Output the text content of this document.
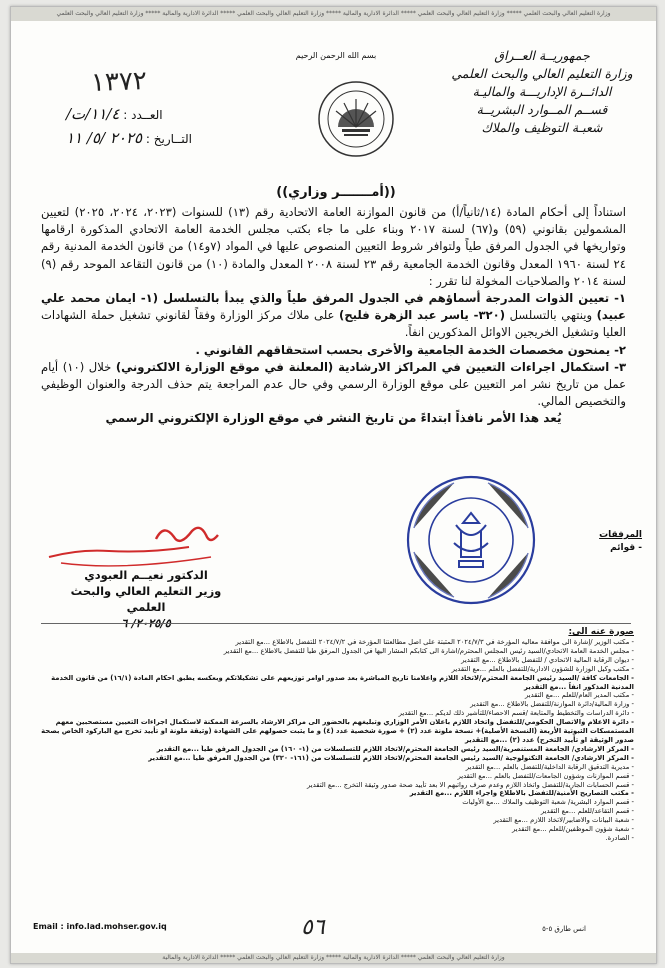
وزارة التعليم العالي والبحث العلمي ***** وزارة التعليم العالي والبحث العلمي ***** الدائرة الادارية والمالية ***** وزارة التعليم العالي والبحث العلمي ***** الدائرة الادارية والمالية ***** وزارة التعليم العالي والبحث العلمي
جمهوريــة العــراق
وزارة التعليم العالي والبحث العلمي
الدائــرة الإداريـــة والماليـة
قســم المــوارد البشريــة
شعبـة التوظيف والملاك
بسم الله الرحمن الرحيم
١٣٧٢
العــدد : ١١/٤/ت/
التــاريخ : ٢٠٢٥ /٥/ ١١
((أمـــــــر وزاري))

استناداً إلى أحكام المادة (١٤/ثانياً/أ) من قانون الموازنة العامة الاتحادية رقم (١٣) للسنوات (٢٠٢٣، ٢٠٢٤، ٢٠٢٥) لتعيين المشمولين بقانوني (٥٩) و(٦٧) لسنة ٢٠١٧ وبناء على ما جاء بكتب مجلس الخدمة العامة الاتحادي المذكورة ارقامها وتواريخها في الجدول المرفق طياً ولتوافر شروط التعيين المنصوص عليها في المواد (٧و١٤) من قانون الخدمة المدنية رقم ٢٤ لسنة ١٩٦٠ المعدل وقانون الخدمة الجامعية رقم ٢٣ لسنة ٢٠٠٨ المعدل والمادة (١٠) من قانون التقاعد الموحد رقم (٩) لسنة ٢٠١٤ والصلاحيات المخولة لنا تقرر :

١- تعيين الذوات المدرجة أسماؤهم في الجدول المرفق طياً والذي يبدأ بالتسلسل (١- ايمان محمد علي عبيد) وينتهي بالتسلسل (٣٢٠- ياسر عبد الزهرة فليح) على ملاك مركز الوزارة وفقاً لقانوني تشغيل حملة الشهادات العليا وتشغيل الخريجين الاوائل المذكورين انفاً.

٢- يمنحون مخصصات الخدمة الجامعية والأخرى بحسب استحقاقهم القانوني .

٣- استكمال اجراءات التعيين في المراكز الارشادية (المعلنة في موقع الوزارة الالكتروني) خلال (١٠) أيام عمل من تاريخ نشر امر التعيين على موقع الوزارة الرسمي وفي حال عدم المراجعة يتم حذف الدرجة والعنوان الوظيفي والتخصيص المالي.

يُعد هذا الأمر نافذاً ابتداءً من تاريخ النشر في موقع الوزارة الإلكتروني الرسمي

المرفقات
- قوائم
الدكتور نعيــم العبودي
وزير التعليم العالي والبحث العلمي
٢٠٢٥/٥/ ٦
صورة عنه الى:
- مكتب الوزير /إشارة الى موافقة معاليه المؤرخة في ٢٠٢٤/٧/٣ المثبتة على اصل مطالعتنا المؤرخة في ٢٠٢٤/٧/٢ للتفضل بالاطلاع ...مع التقدير
- مجلس الخدمة العامة الاتحادي/السيد رئيس المجلس المحترم/اشارة الى كتابكم المشار اليها في الجدول المرفق طياً للتفضل بالاطلاع ...مع التقدير
- ديوان الرقابة المالية الاتحادي / للتفضل بالاطلاع ...مع التقدير
- مكتب وكيل الوزارة للشؤون الادارية/للتفضل بالعلم ...مع التقدير
- الجامعات كافة /السيد رئيس الجامعة المحترم/لاتخاذ اللازم واعلامنا تاريخ المباشرة بعد صدور اوامر توزيعهم على تشكيلاتكم وبعكسه يطبق احكام المادة (١٦/١) من قانون الخدمة المدنية المذكور انفاً ...مع التقدير
- مكتب المدير العام/للعلم ...مع التقدير
- وزارة المالية/دائرة الموازنة/للتفضل بالاطلاع ...مع التقدير
- دائرة الدراسات والتخطيط والمتابعة /قسم الاحصاء/للتأشير ذلك لديكم ...مع التقدير
- دائرة الاعلام والاتصال الحكومي/للتفضل واتخاذ اللازم باعلان الأمر الوزاري وتبليغهم بالحضور الى مراكز الارشاد بالسرعة الممكنة لاستكمال اجراءات التعيين مستصحبين معهم المستمسكات الثبوتية الأربعة (النسخة الأصلية)+ نسخة ملونة عدد (٢) + صورة شخصية عدد (٤) و ما يثبت حصولهم على الشهادة (وثيقة ملونة او تأييد تخرج مع الباركود الخاص بصحة صدور الوثيقة او تأييد التخرج) عدد (٢) ...مع التقدير
- المركز الارشادي/ الجامعة المستنصرية/السيد رئيس الجامعة المحترم/لاتخاذ اللازم للتسلسلات من (١- ١٦٠) من الجدول المرفق طياً ...مع التقدير
- المركز الارشادي/ الجامعة التكنولوجية /السيد رئيس الجامعة المحترم/لاتخاذ اللازم للتسلسلات من (١٦١- ٣٢٠) من الجدول المرفق طياً ...مع التقدير
- مديرية التدقيق الرقابة الداخلية/للتفضل بالعلم ...مع التقدير
- قسم الموازنات وشؤون الجامعات/للتفضل بالعلم ...مع التقدير
- قسم الحسابات الجارية/للتفضل واتخاذ اللازم وعدم صرف رواتبهم الا بعد تأييد صحة صدور وثيقة التخرج ...مع التقدير
- مكتب التصاريح الأمنية/للتفضل بالاطلاع واجراء اللازم ...مع التقدير
- قسم الموارد البشرية/ شعبة التوظيف والملاك ...مع الأوليات
- قسم التقاعد/للعلم ...مع التقدير
- شعبة البيانات والاضابير/لاتخاذ اللازم ...مع التقدير
- شعبة شؤون الموظفين/للعلم ...مع التقدير
- الصادرة.
Email : info.lad.mohser.gov.iq	٥٦	انس طارق ٥-٥
وزارة التعليم العالي والبحث العلمي ***** الدائرة الادارية والمالية ***** وزارة التعليم العالي والبحث العلمي ***** الدائرة الادارية والمالية
